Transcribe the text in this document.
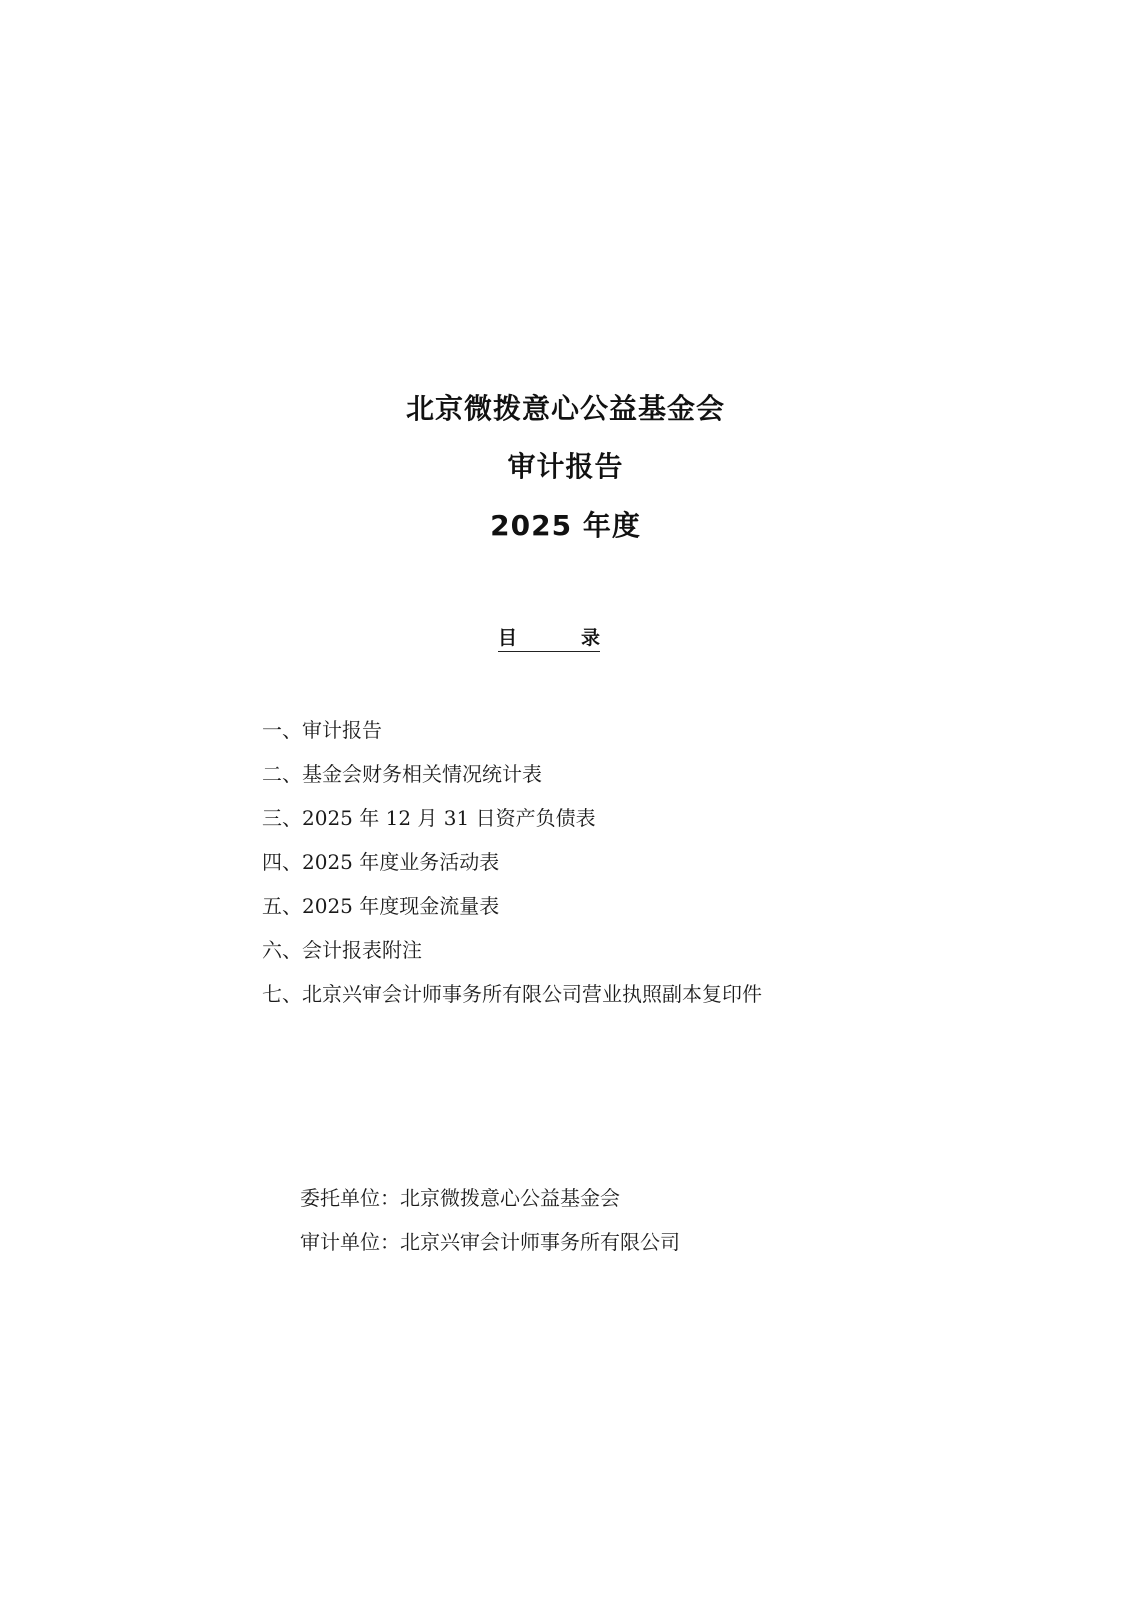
北京微拨意心公益基金会
审计报告
2025 年度
目	录
一、审计报告
二、基金会财务相关情况统计表
三、2025 年 12 月 31 日资产负债表
四、2025 年度业务活动表
五、2025 年度现金流量表
六、会计报表附注
七、北京兴审会计师事务所有限公司营业执照副本复印件
委托单位：北京微拨意心公益基金会
审计单位：北京兴审会计师事务所有限公司
